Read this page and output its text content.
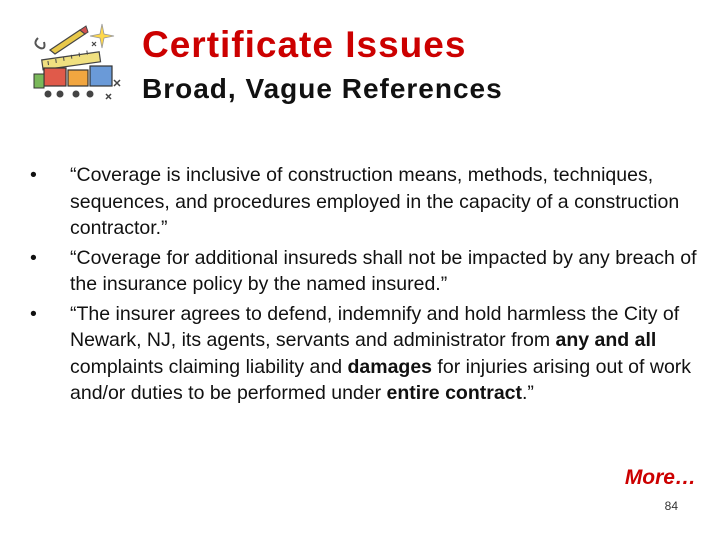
Certificate Issues
Broad, Vague References
• “Coverage is inclusive of construction means, methods, techniques, sequences, and procedures employed in the capacity of a construction contractor.”
• “Coverage for additional insureds shall not be impacted by any breach of the insurance policy by the named insured.”
• “The insurer agrees to defend, indemnify and hold harmless the City of Newark, NJ, its agents, servants and administrator from any and all complaints claiming liability and damages for injuries arising out of work and/or duties to be performed under entire contract.”
More…
84
